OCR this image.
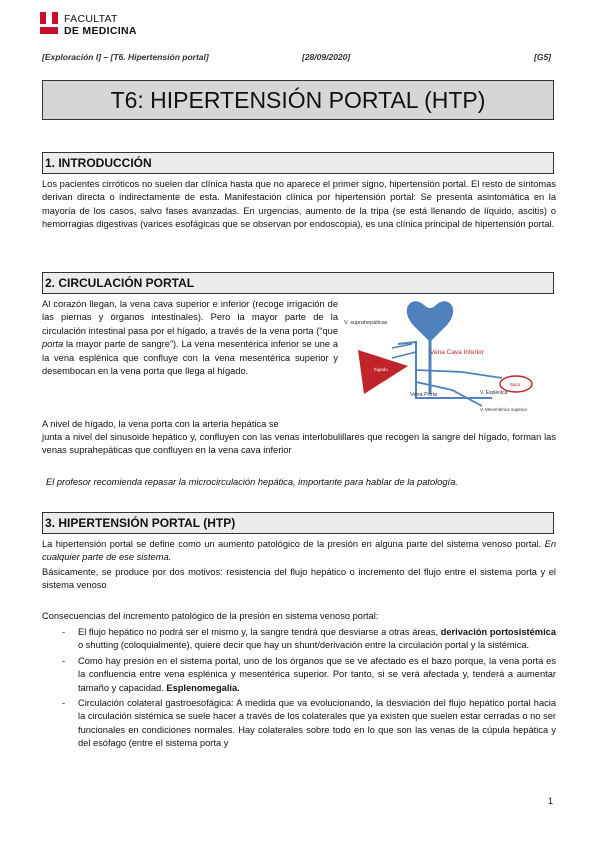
FACULTAT
DE MEDICINA
[Exploración I] – [T6. Hipertensión portal]	[28/09/2020]	[G5]
T6: HIPERTENSIÓN PORTAL (HTP)
1. INTRODUCCIÓN
Los pacientes cirróticos no suelen dar clínica hasta que no aparece el primer signo, hipertensión portal. El resto de síntomas derivan directa o indirectamente de esta. Manifestación clínica por hipertensión portal: Se presenta asintomática en la mayoría de los casos, salvo fases avanzadas. En urgencias, aumento de la tripa (se está llenando de líquido, ascitis) o hemorragias digestivas (varices esofágicas que se observan por endoscopia), es una clínica principal de hipertensión portal.
2. CIRCULACIÓN PORTAL
Al corazón llegan, la vena cava superior e inferior (recoge irrigación de las piernas y órganos intestinales). Pero la mayor parte de la circulación intestinal pasa por el hígado, a través de la vena porta (“que porta la mayor parte de sangre”). La vena mesentérica inferior se une a la vena esplénica que confluye con la vena mesentérica superior y desembocan en la vena porta que llega al hígado.
V. suprahepáticas
Vena Cava Inferior
hígado
Vena Porta	V. Esplénica
Bazo
V. Mesentérica superior
A nivel de hígado, la vena porta con la arteria hepática se
junta a nivel del sinusoide hepático y, confluyen con las venas interlobulillares que recogen la sangre del hígado, forman las venas suprahepáticas que confluyen en la vena cava inferior
El profesor recomienda repasar la microcirculación hepática, importante para hablar de la patología.
3. HIPERTENSIÓN PORTAL (HTP)
La hipertensión portal se define como un aumento patológico de la presión en alguna parte del sistema venoso portal. En cualquier parte de ese sistema.
Básicamente, se produce por dos motivos: resistencia del flujo hepático o incremento del flujo entre el sistema porta y el sistema venoso
Consecuencias del incremento patológico de la presión en sistema venoso portal:
- El flujo hepático no podrá ser el mismo y, la sangre tendrá que desviarse a otras áreas, derivación portosistémica o shutting (coloquialmente), quiere decir que hay un shunt/derivación entre la circulación portal y la sistémica.
- Como hay presión en el sistema portal, uno de los órganos que se ve afectado es el bazo porque, la vena porta es la confluencia entre vena esplénica y mesentérica superior. Por tanto, si se verá afectada y, tenderá a aumentar tamaño y capacidad. Esplenomegalia.
- Circulación colateral gastroesofágica: A medida que va evolucionando, la desviación del flujo hepático portal hacia la circulación sistémica se suele hacer a través de los colaterales que ya existen que suelen estar cerradas o no ser funcionales en condiciones normales. Hay colaterales sobre todo en lo que son las venas de la cúpula hepática y del esófago (entre el sistema porta y
1
